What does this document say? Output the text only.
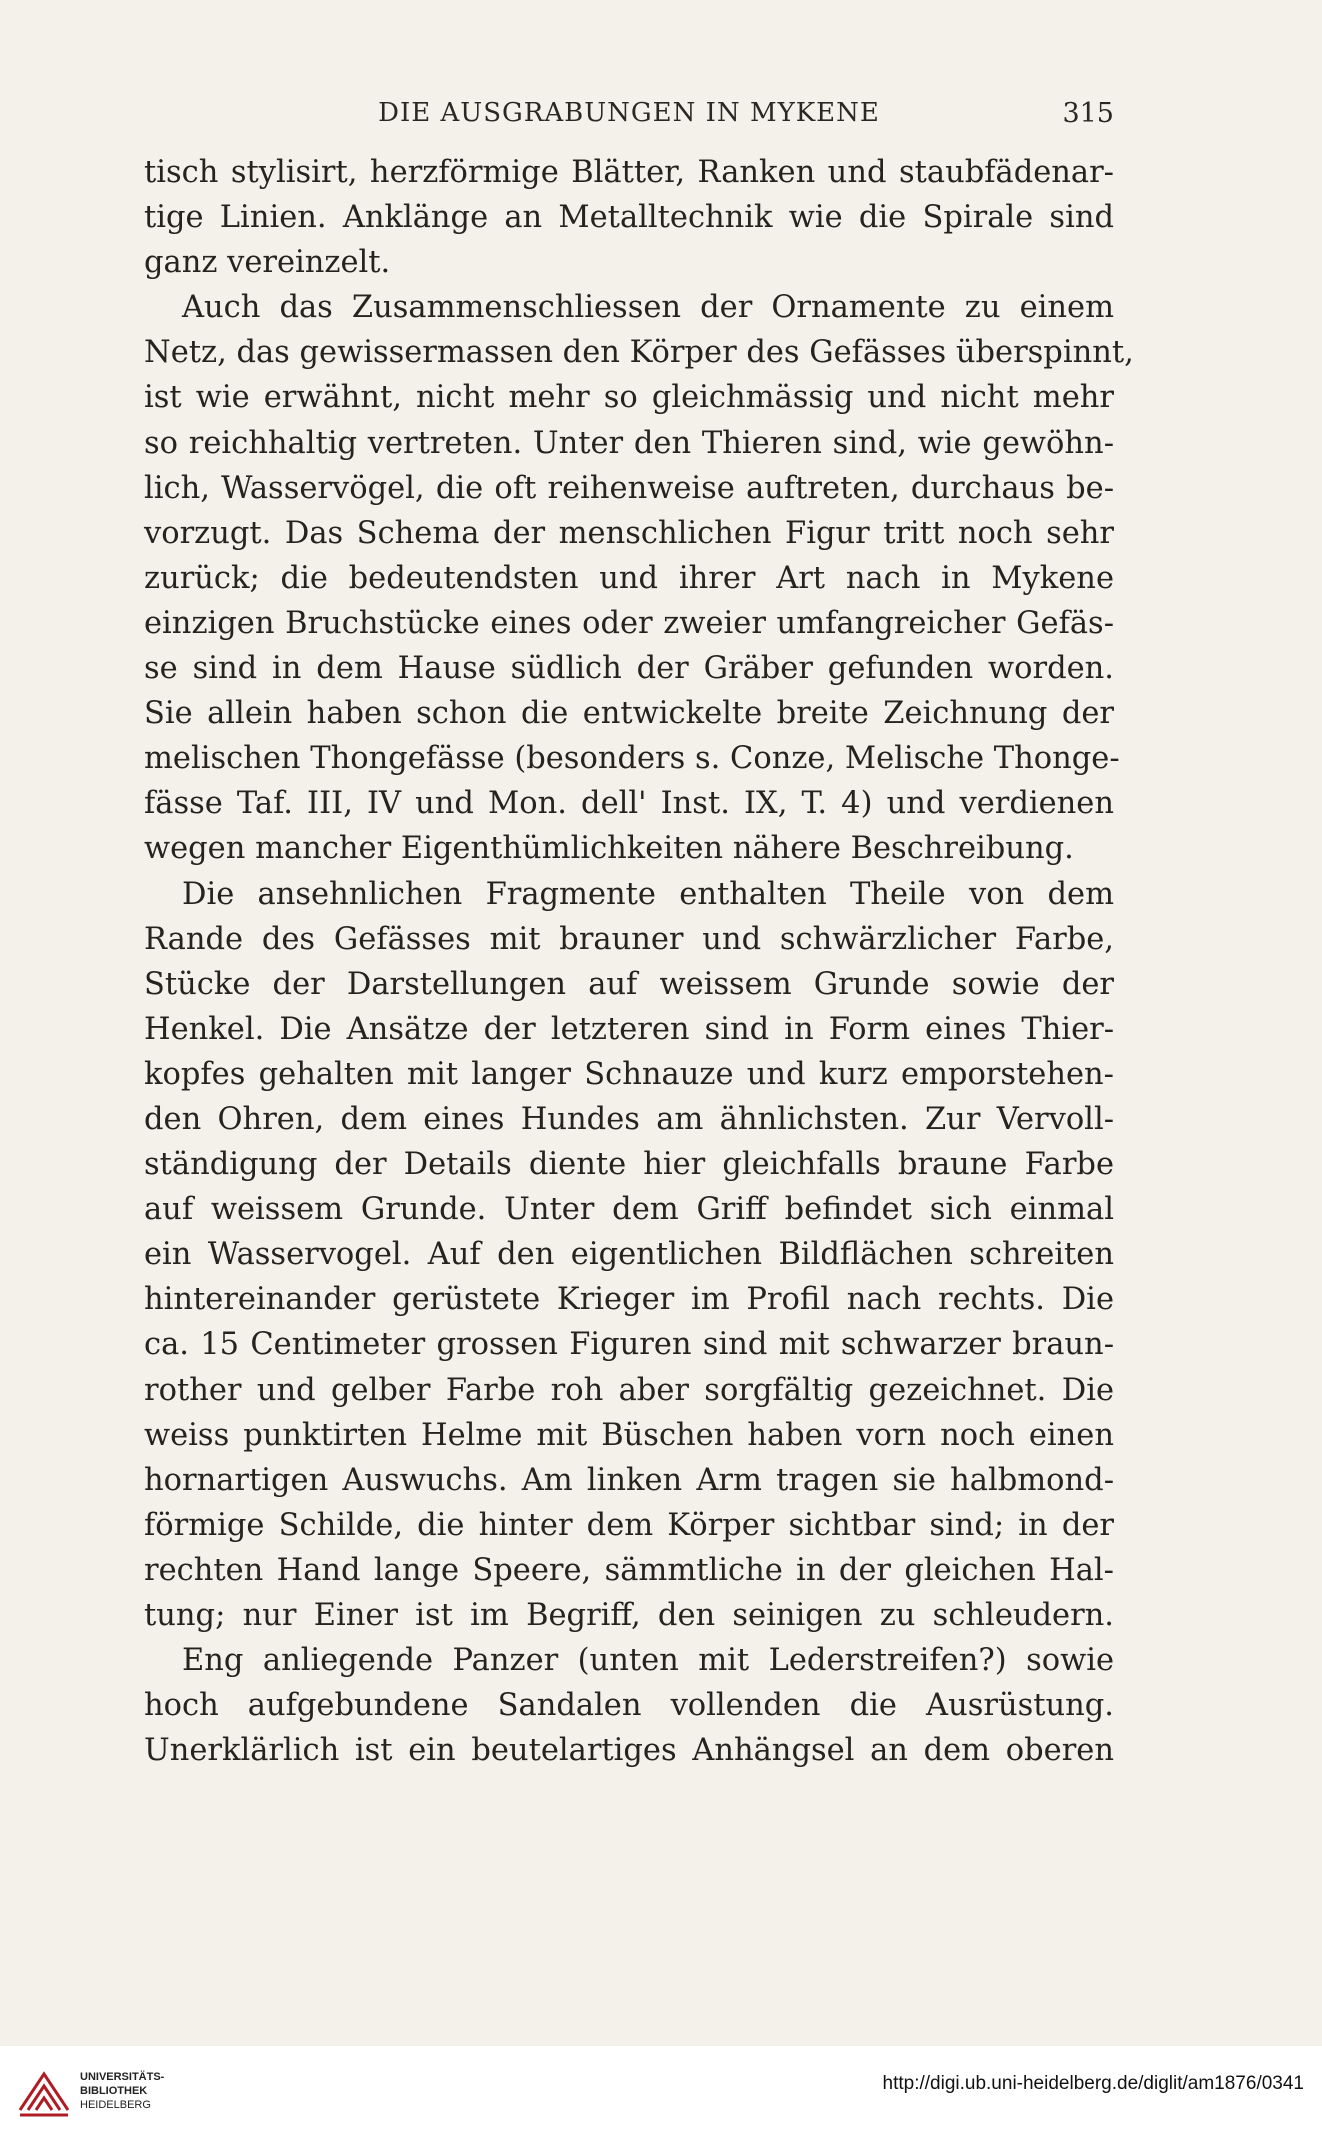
DIE AUSGRABUNGEN IN MYKENE	315
tisch stylisirt, herzförmige Blätter, Ranken und staubfädenar-
tige Linien. Anklänge an Metalltechnik wie die Spirale sind
ganz vereinzelt.
Auch das Zusammenschliessen der Ornamente zu einem
Netz, das gewissermassen den Körper des Gefässes überspinnt,
ist wie erwähnt, nicht mehr so gleichmässig und nicht mehr
so reichhaltig vertreten. Unter den Thieren sind, wie gewöhn-
lich, Wasservögel, die oft reihenweise auftreten, durchaus be-
vorzugt. Das Schema der menschlichen Figur tritt noch sehr
zurück; die bedeutendsten und ihrer Art nach in Mykene
einzigen Bruchstücke eines oder zweier umfangreicher Gefäs-
se sind in dem Hause südlich der Gräber gefunden worden.
Sie allein haben schon die entwickelte breite Zeichnung der
melischen Thongefässe (besonders s. Conze, Melische Thonge-
fässe Taf. III, IV und Mon. dell' Inst. IX, T. 4) und verdienen
wegen mancher Eigenthümlichkeiten nähere Beschreibung.
Die ansehnlichen Fragmente enthalten Theile von dem
Rande des Gefässes mit brauner und schwärzlicher Farbe,
Stücke der Darstellungen auf weissem Grunde sowie der
Henkel. Die Ansätze der letzteren sind in Form eines Thier-
kopfes gehalten mit langer Schnauze und kurz emporstehen-
den Ohren, dem eines Hundes am ähnlichsten. Zur Vervoll-
ständigung der Details diente hier gleichfalls braune Farbe
auf weissem Grunde. Unter dem Griff befindet sich einmal
ein Wasservogel. Auf den eigentlichen Bildflächen schreiten
hintereinander gerüstete Krieger im Profil nach rechts. Die
ca. 15 Centimeter grossen Figuren sind mit schwarzer braun-
rother und gelber Farbe roh aber sorgfältig gezeichnet. Die
weiss punktirten Helme mit Büschen haben vorn noch einen
hornartigen Auswuchs. Am linken Arm tragen sie halbmond-
förmige Schilde, die hinter dem Körper sichtbar sind; in der
rechten Hand lange Speere, sämmtliche in der gleichen Hal-
tung; nur Einer ist im Begriff, den seinigen zu schleudern.
Eng anliegende Panzer (unten mit Lederstreifen?) sowie
hoch aufgebundene Sandalen vollenden die Ausrüstung.
Unerklärlich ist ein beutelartiges Anhängsel an dem oberen
UNIVERSITÄTS-
BIBLIOTHEK
HEIDELBERG
http://digi.ub.uni-heidelberg.de/diglit/am1876/0341
